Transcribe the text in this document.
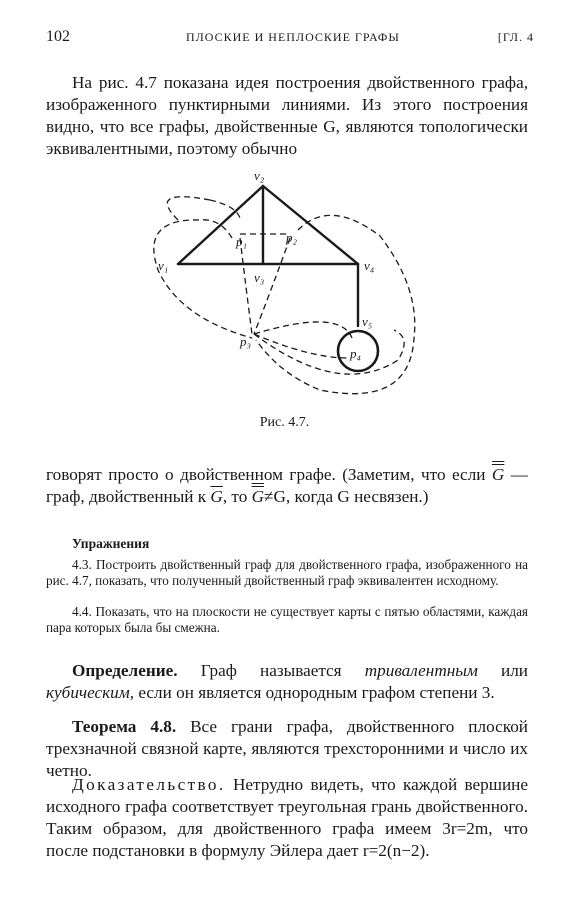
102	ПЛОСКИЕ И НЕПЛОСКИЕ ГРАФЫ	[ГЛ. 4
На рис. 4.7 показана идея построения двойственного графа, изображенного пунктирными линиями. Из этого построения видно, что все графы, двойственные G, являются топологически эквивалентными, поэтому обычно
v₂
v₁
v₃
v₄
v₅
p₁	p₂
p₃
p₄
Рис. 4.7.
говорят просто о двойственном графе. (Заметим, что если G — граф, двойственный к $\overline{G}$, то G≠G, когда G несвязен.)
Упражнения
4.3. Построить двойственный граф для двойственного графа, изображенного на рис. 4.7, показать, что полученный двойственный граф эквивалентен исходному.
4.4. Показать, что на плоскости не существует карты с пятью областями, каждая пара которых была бы смежна.
Определение. Граф называется тривалентным или кубическим, если он является однородным графом степени 3.
Теорема 4.8. Все грани графа, двойственного плоской трехзначной связной карте, являются трехсторонними и число их четно.
Доказательство. Нетрудно видеть, что каждой вершине исходного графа соответствует треугольная грань двойственного. Таким образом, для двойственного графа имеем 3r=2m, что после подстановки в формулу Эйлера дает r=2(n−2).
